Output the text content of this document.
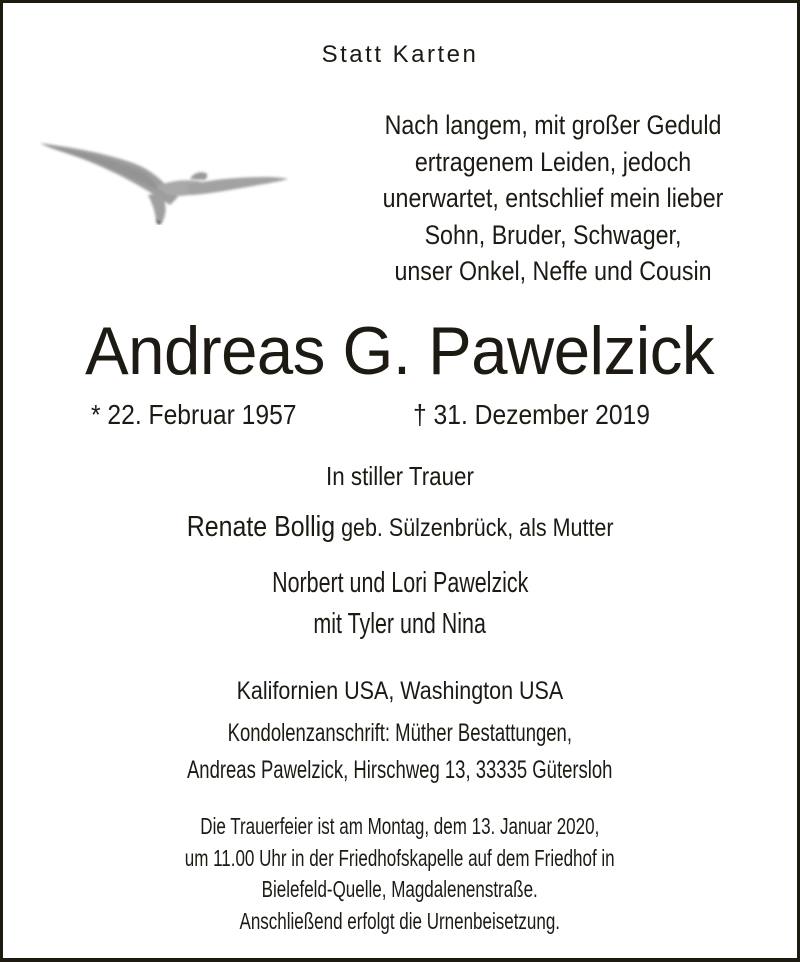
Statt Karten
Nach langem, mit großer Geduld
ertragenem Leiden, jedoch
unerwartet, entschlief mein lieber
Sohn, Bruder, Schwager,
unser Onkel, Neffe und Cousin
Andreas G. Pawelzick
* 22. Februar 1957	† 31. Dezember 2019
In stiller Trauer
Renate Bollig geb. Sülzenbrück, als Mutter
Norbert und Lori Pawelzick
mit Tyler und Nina
Kalifornien USA, Washington USA
Kondolenzanschrift: Müther Bestattungen,
Andreas Pawelzick, Hirschweg 13, 33335 Gütersloh
Die Trauerfeier ist am Montag, dem 13. Januar 2020,
um 11.00 Uhr in der Friedhofskapelle auf dem Friedhof in
Bielefeld-Quelle, Magdalenenstraße.
Anschließend erfolgt die Urnenbeisetzung.
